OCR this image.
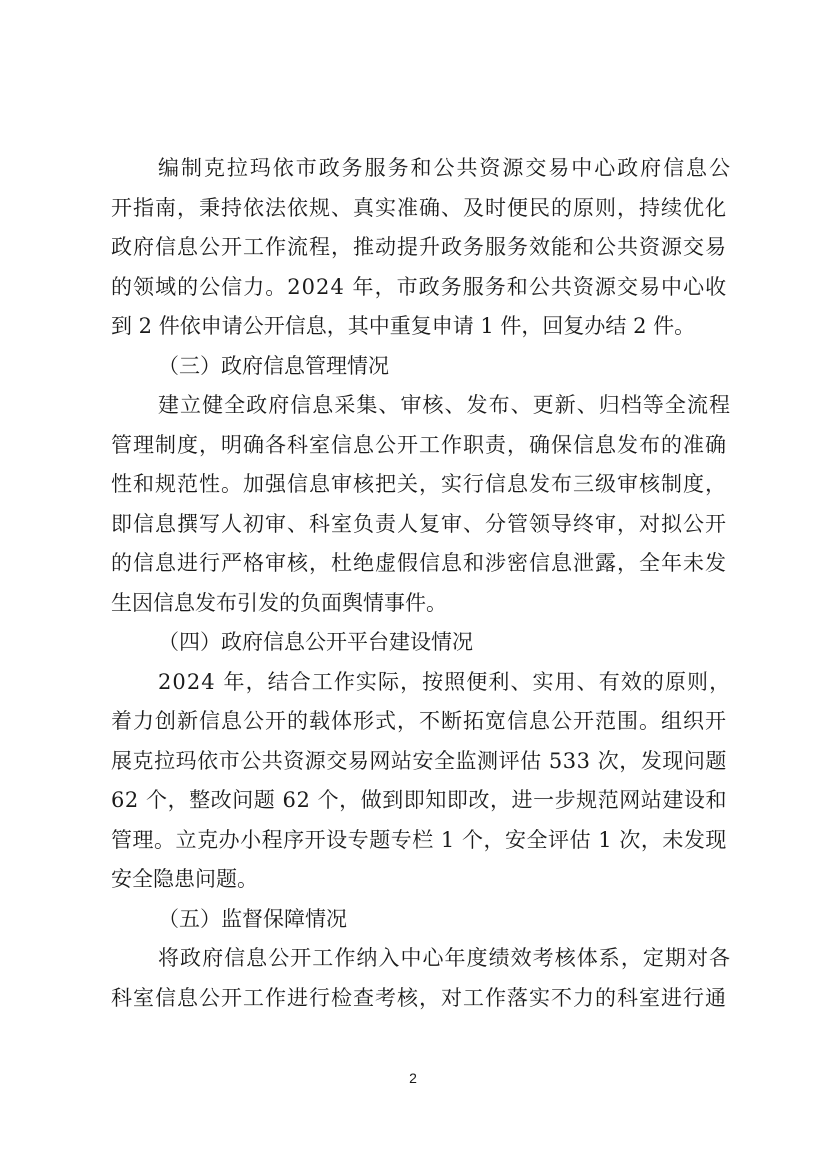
编制克拉玛依市政务服务和公共资源交易中心政府信息公
开指南，秉持依法依规、真实准确、及时便民的原则，持续优化
政府信息公开工作流程，推动提升政务服务效能和公共资源交易
的领域的公信力。2024 年，市政务服务和公共资源交易中心收
到 2 件依申请公开信息，其中重复申请 1 件，回复办结 2 件。
（三）政府信息管理情况
建立健全政府信息采集、审核、发布、更新、归档等全流程
管理制度，明确各科室信息公开工作职责，确保信息发布的准确
性和规范性。加强信息审核把关，实行信息发布三级审核制度，
即信息撰写人初审、科室负责人复审、分管领导终审，对拟公开
的信息进行严格审核，杜绝虚假信息和涉密信息泄露，全年未发
生因信息发布引发的负面舆情事件。
（四）政府信息公开平台建设情况
2024 年，结合工作实际，按照便利、实用、有效的原则，
着力创新信息公开的载体形式，不断拓宽信息公开范围。组织开
展克拉玛依市公共资源交易网站安全监测评估 533 次，发现问题
62 个，整改问题 62 个，做到即知即改，进一步规范网站建设和
管理。立克办小程序开设专题专栏 1 个，安全评估 1 次，未发现
安全隐患问题。
（五）监督保障情况
将政府信息公开工作纳入中心年度绩效考核体系，定期对各
科室信息公开工作进行检查考核，对工作落实不力的科室进行通
2
